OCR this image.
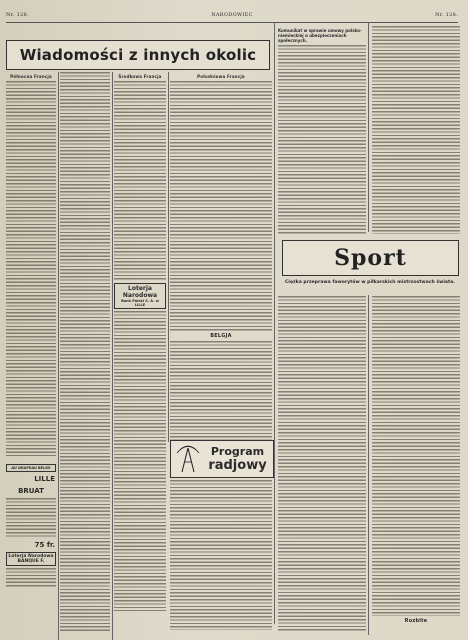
Nr. 128.	NARODOWIEC	Nr. 128.
Wiadomości z innych okolic
Północna Francja
AU DRAPEAU BELGE
LILLE
BRUAT
75 fr.
Loterja Narodowa
BANQUE F.
Środkowa Francja
Loterja Narodowa
Bank Polski S. A. w LILLE
Południowa Francja
BELGJA
Program
radjowy
Komunikat w sprawie umowy polsko-niemieckiej o ubezpieczeniach społecznych.
Sport
Cięźka przeprawa faworytów w piłkarskich mistrzostwach świata.
Rozbite
